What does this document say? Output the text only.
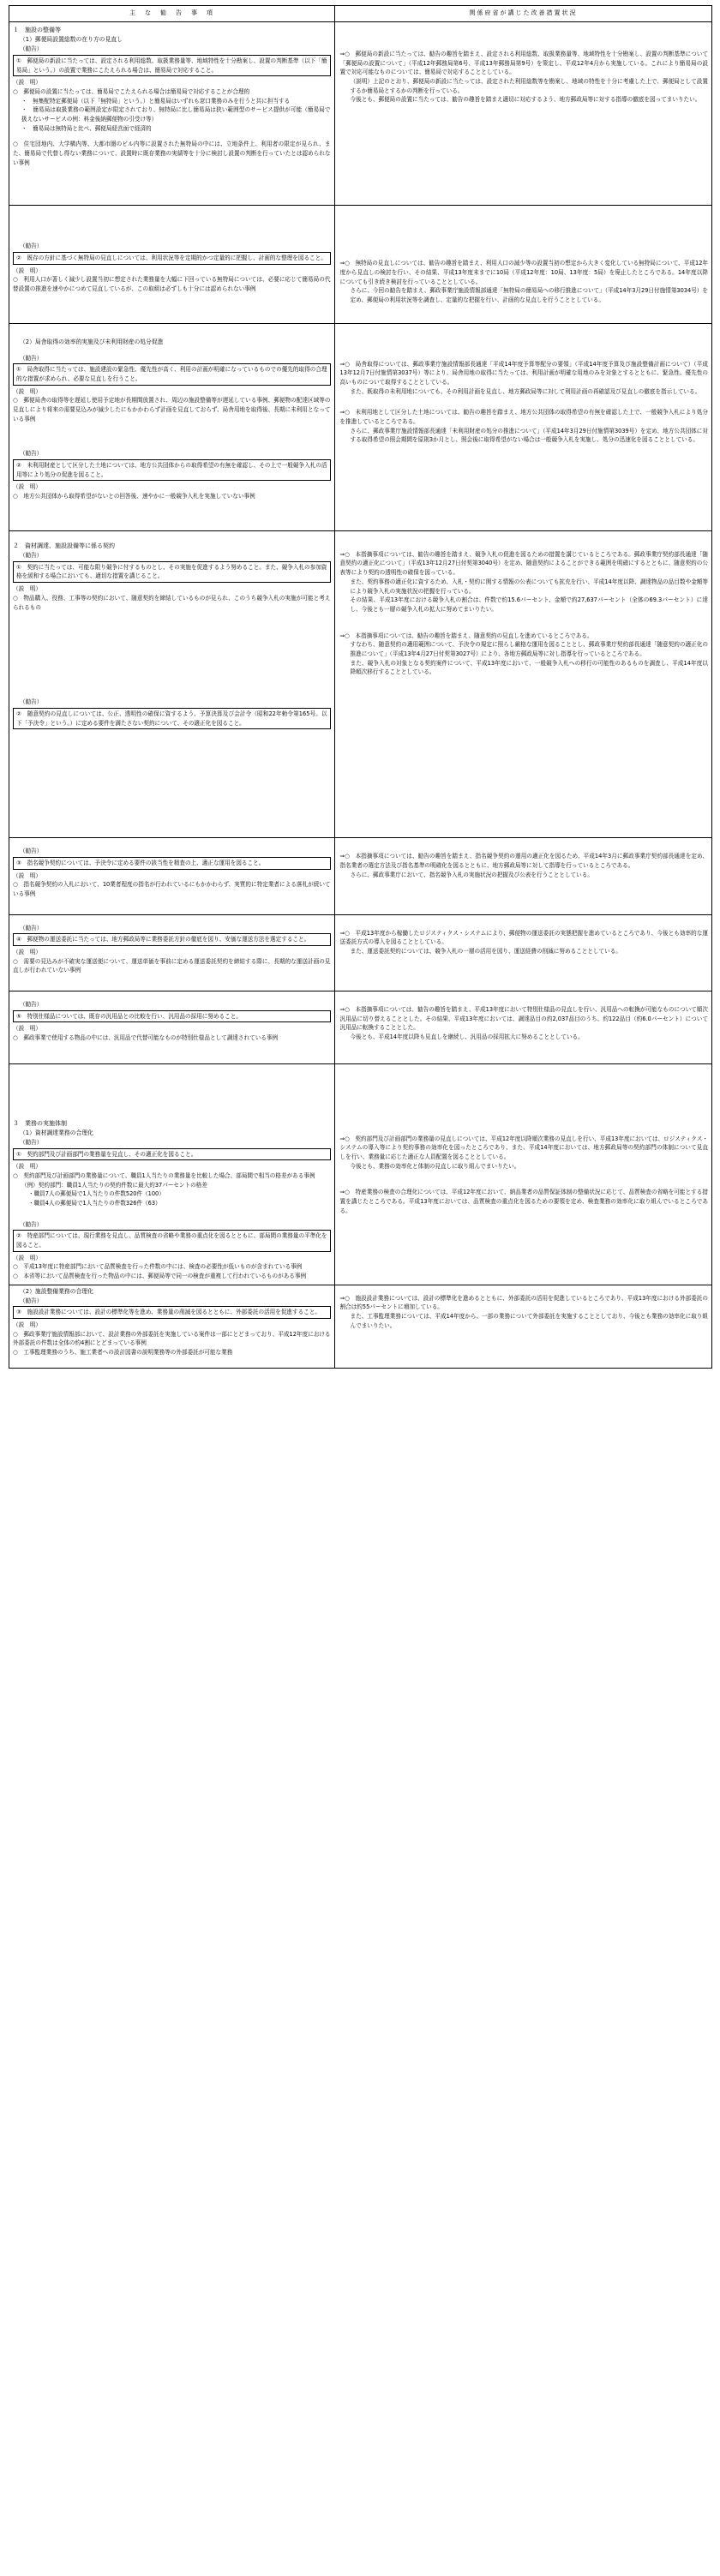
主　な　勧　告　事　項	関係府省が講じた改善措置状況

１　施設の整備等
（1）郵便局設置総数の在り方の見直し
（勧告）
①　郵便局の新設に当たっては、設定される利用総数、取扱業務量等、地域特性を十分勘案し、設置の判断基準（以下「簡易局」という。）の設置で業務にこたえられる場合は、簡易局で対応すること。
（説　明）
○　郵便局の設置に当たっては、簡易局でこたえられる場合は簡易局で対応することが合理的
・　無集配特定郵便局（以下「無特局」という。）と簡易局はいずれも窓口業務のみを行うと共に担当する
・　簡易局は取扱業務の範囲設定が限定されており、無特局に比し簡易局は狭い範囲型のサービス提供が可能（簡易局で扱えないサービスの例：料金後納郵便物の引受け等）
・　簡易局は無特局と比べ、郵便局経営面で経済的
○　住宅団地内、大学構内等、大都市圏のビル内等に設置された無特局の中には、立地条件上、利用者の限定が見られ、また、簡易局で代替し得ない業務について、設置時に既存業務の実績等を十分に検討し設置の判断を行っていたとは認められない事例
⇒○　郵便局の新設に当たっては、勧告の趣旨を踏まえ、設定される利用総数、取扱業務量等、地域特性を十分勘案し、設置の判断基準について「郵便局の設置について」（平成12年郵務局第6号、平成13年郵務局第9号）を策定し、平成12年4月から実施している。これにより簡易局の設置で対応可能なものについては、簡易局で対応することとしている。
（説明）上記のとおり、郵便局の新設に当たっては、設定された利用総数等を勘案し、地域の特性を十分に考慮した上で、郵便局として設置するか簡易局とするかの判断を行っている。
今後とも、郵便局の設置に当たっては、勧告の趣旨を踏まえ適切に対応するよう、地方郵政局等に対する指導の徹底を図ってまいりたい。
（勧告）
②　既存の方針に基づく無特局の見直しについては、利用状況等を定期的かつ定量的に把握し、計画的な整理を図ること。
（説　明）
○　利用人口が著しく減少し設置当初に想定された業務量を大幅に下回っている無特局については、必要に応じて簡易局の代替設置の推進を速やかにつめて見直しているが、この取組は必ずしも十分には認められない事例
⇒○　無特局の見直しについては、勧告の趣旨を踏まえ、利用人口の減少等の設置当初の想定から大きく変化している無特局について、平成12年度から見直しの検討を行い、その結果、平成13年度末までに10局（平成12年度：10局、13年度：5局）を廃止したところである。14年度以降についても引き続き検討を行っていることとしている。
さらに、今回の勧告を踏まえ、郵政事業庁施設情報部通達「無特局の簡易局への移行推進について」（平成14年3月29日付施情第3034号）を定め、郵便局の利用状況等を調査し、定量的な把握を行い、計画的な見直しを行うこととしている。
（2）局舎取得の効率的実施及び未利用財産の処分促進
（勧告）
①　局舎取得に当たっては、施設建設の緊急性、優先性が高く、利用の計画が明確になっているものでの優先的取得の合理的な措置が求められ、必要な見直しを行うこと。
（説　明）
○　郵便局舎の取得等を遅延し使用予定地が長期間放置され、周辺の施設整備等が遅延している事例、郵便物の配達区域等の見直しにより将来の需要見込みが減少したにもかかわらず計画を見直しておらず、局舎用地を取得後、長期に未利用となっている事例
（勧告）
②　未利用財産として区分した土地については、地方公共団体からの取得希望の有無を確認し、その上で一般競争入札の活用等により処分の促進を図ること。
（説　明）
○　地方公共団体から取得希望がないとの回答後、速やかに一般競争入札を実施していない事例
⇒○　局舎取得については、郵政事業庁施設情報部長通達「平成14年度予算等配分の要領」（平成14年度予算及び施設整備計画について）（平成13年12月7日付施情第3037号）等により、局舎用地の取得に当たっては、利用計画が明確な用地のみを対象とするとともに、緊急性、優先性の高いものについて取得することとしている。
また、既取得の未利用地についても、その利用計画を見直し、地方郵政局等に対して利用計画の再確認及び見直しの徹底を指示している。
⇒○　未利用地として区分した土地については、勧告の趣旨を踏まえ、地方公共団体の取得希望の有無を確認した上で、一般競争入札により処分を推進しているところである。
さらに、郵政事業庁施設情報部長通達「未利用財産の処分の推進について」（平成14年3月29日付施情第3039号）を定め、地方公共団体に対する取得希望の照会期間を原則3か月とし、照会後に取得希望がない場合は一般競争入札を実施し、処分の迅速化を図ることとしている。
２　資材調達、施設設備等に係る契約
（勧告）
①　契約に当たっては、可能な限り競争に付するものとし、その実施を促進するよう努めること。また、競争入札の参加資格を緩和する場合においても、適切な措置を講じること。
（説　明）
○　物品購入、役務、工事等の契約において、随意契約を締結しているものが見られ、このうち競争入札の実施が可能と考えられるもの
（勧告）
②　随意契約の見直しについては、公正、透明性の確保に資するよう、予算決算及び会計令（昭和22年勅令第165号。以下「予決令」という。）に定める要件を満たさない契約について、その適正化を図ること。
⇒○　本指摘事項については、勧告の趣旨を踏まえ、競争入札の促進を図るための措置を講じているところである。郵政事業庁契約部長通達「随意契約の適正化について」（平成13年12月27日付契第3040号）を定め、随意契約によることができる範囲を明確にするとともに、随意契約の公表等により契約の透明性の確保を図っている。
また、契約事務の適正化に資するため、入札・契約に関する情報の公表についても拡充を行い、平成14年度以降、調達物品の品目数や金額等により競争入札の実施状況の把握を行っている。
その結果、平成13年度における競争入札の割合は、件数で約15.6パーセント、金額で約27,637パーセント（全体の69.3パーセント）に達し、今後とも一層の競争入札の拡大に努めてまいりたい。
⇒○　本指摘事項については、勧告の趣旨を踏まえ、随意契約の見直しを進めているところである。
すなわち、随意契約の適用範囲について、予決令の規定に照らし厳格な運用を図ることとし、郵政事業庁契約部長通達「随意契約の適正化の推進について」（平成13年4月27日付契第3027号）により、各地方郵政局等に対し指導を行っているところである。
また、競争入札の対象となる契約案件について、平成13年度において、一般競争入札への移行の可能性のあるものを調査し、平成14年度以降順次移行することとしている。
（勧告）
③　指名競争契約については、予決令に定める要件の該当性を精査の上、適正な運用を図ること。
（説　明）
○　指名競争契約の入札において、10業者程度の指名が行われているにもかかわらず、実質的に特定業者による落札が続いている事例
⇒○　本指摘事項については、勧告の趣旨を踏まえ、指名競争契約の運用の適正化を図るため、平成14年3月に郵政事業庁契約部長通達を定め、指名業者の選定方法及び指名基準の明確化を図るとともに、地方郵政局等に対して指導を行っているところである。
さらに、郵政事業庁において、指名競争入札の実施状況の把握及び公表を行うこととしている。
（勧告）
④　郵便物の運送委託に当たっては、地方郵政局等に業務委託方針の徹底を図り、安価な運送方法を選定すること。
（説　明）
○　需要の見込みが不確実な運送便について、運送単価を事前に定める運送委託契約を締結する際に、長期的な運送計画の見直しが行われていない事例
⇒○　平成13年度から稼働したロジスティクス・システムにより、郵便物の運送委託の実態把握を進めているところであり、今後とも効率的な運送委託方式の導入を図ることとしている。
また、運送委託契約については、競争入札の一層の活用を図り、運送経費の削減に努めることとしている。
（勧告）
⑤　特別仕様品については、既存の汎用品との比較を行い、汎用品の採用に努めること。
（説　明）
○　郵政事業で使用する物品の中には、汎用品で代替可能なものが特別仕様品として調達されている事例
⇒○　本指摘事項については、勧告の趣旨を踏まえ、平成13年度において特別仕様品の見直しを行い、汎用品への転換が可能なものについて順次汎用品に切り替えることとした。その結果、平成13年度においては、調達品目の約2,037品目のうち、約122品目（約6.0パーセント）について汎用品に転換することとした。
今後とも、平成14年度以降も見直しを継続し、汎用品の採用拡大に努めることとしている。
３　業務の実施体制
（1）資材調達業務の合理化
（勧告）
①　契約部門及び計画部門の業務量を見直し、その適正化を図ること。
（説　明）
○　契約部門及び計画部門の業務量について、職員1人当たりの業務量を比較した場合、部局間で相当の格差がある事例
（例）契約部門：職員1人当たりの契約件数に最大約37パーセントの格差
・職員7人の郵便局で1人当たりの件数520件（100）
・職員4人の郵便局で1人当たりの件数326件（63）
（勧告）
②　特産部門については、現行業務を見直し、品質検査の省略や業務の重点化を図るとともに、部局間の業務量の平準化を図ること。
（説　明）
○　平成13年度に特産部門において品質検査を行った件数の中には、検査の必要性が低いものが含まれている事例
○　本省等において品質検査を行った物品の中には、郵便局等で同一の検査が重複して行われているものがある事例
⇒○　契約部門及び計画部門の業務量の見直しについては、平成12年度以降順次業務の見直しを行い、平成13年度においては、ロジスティクス・システムの導入等により契約事務の効率化を図ったところであり、また、平成14年度においては、地方郵政局等の契約部門の体制について見直しを行い、業務量に応じた適正な人員配置を図ることとしている。
今後とも、業務の効率化と体制の見直しに取り組んでまいりたい。
⇒○　特産業務の検査の合理化については、平成12年度において、納品業者の品質保証体制の整備状況に応じて、品質検査の省略を可能とする措置を講じたところである。平成13年度においては、品質検査の重点化を図るための要領を定め、検査業務の効率化に取り組んでいるところである。
（2）施設整備業務の合理化
（勧告）
③　施設設計業務については、設計の標準化等を進め、業務量の削減を図るとともに、外部委託の活用を促進すること。
（説　明）
○　郵政事業庁施設情報部において、設計業務の外部委託を実施している案件は一部にとどまっており、平成12年度における外部委託の件数は全体の約4割にとどまっている事例
○　工事監理業務のうち、施工業者への設計図書の説明業務等の外部委託が可能な業務
⇒○　施設設計業務については、設計の標準化を進めるとともに、外部委託の活用を促進しているところであり、平成13年度における外部委託の割合は約55パーセントに増加している。
また、工事監理業務については、平成14年度から、一部の業務について外部委託を実施することとしており、今後とも業務の効率化に取り組んでまいりたい。
